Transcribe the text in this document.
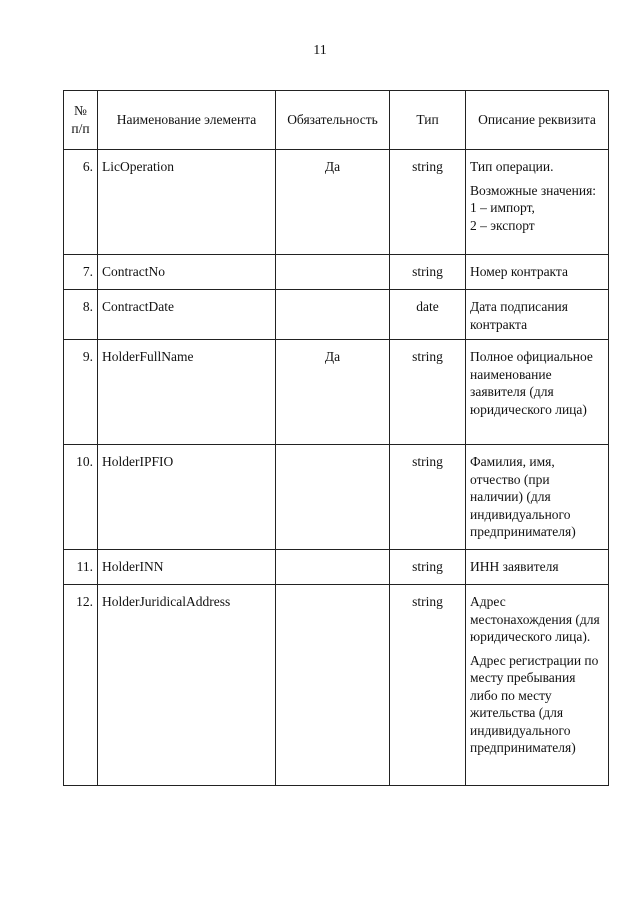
11
№
п/п	Наименование элемента	Обязательность	Тип	Описание реквизита
6.	LicOperation	Да	string	Тип операции.

Возможные значения:
1 – импорт,
2 – экспорт

7.	ContractNo		string	Номер контракта

8.	ContractDate		date	Дата подписания контракта

9.	HolderFullName	Да	string	Полное официальное наименование заявителя (для юридического лица)

10.	HolderIPFIO		string	Фамилия, имя, отчество (при наличии) (для индивидуального предпринимателя)

11.	HolderINN		string	ИНН заявителя

12.	HolderJuridicalAddress		string	Адрес местонахождения (для юридического лица).

Адрес регистрации по месту пребывания либо по месту жительства (для индивидуального предпринимателя)
